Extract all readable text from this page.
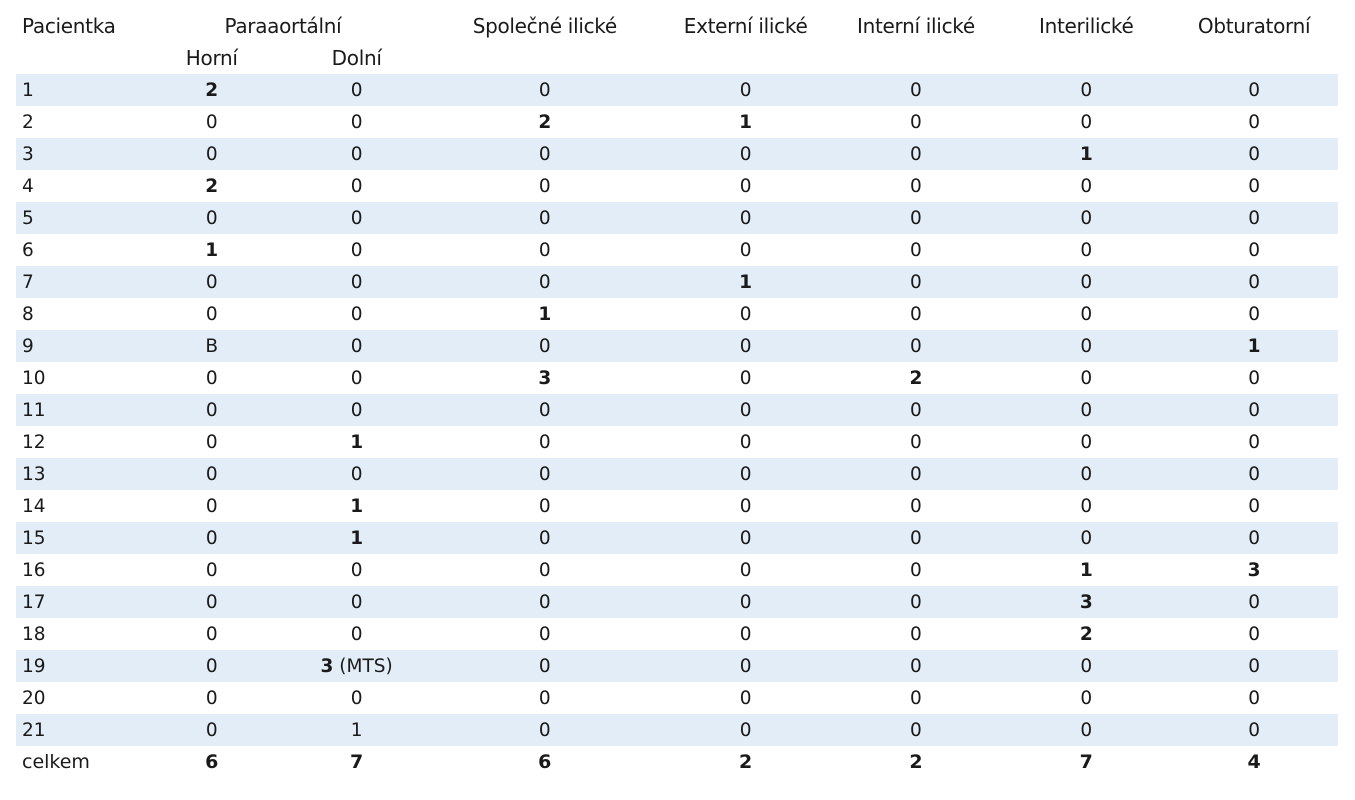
Pacientka	Paraaortální		Společné ilické	Externí ilické	Interní ilické	Interilické	Obturatorní
	Horní	Dolní					
1	2	0	0	0	0	0	0
2	0	0	2	1	0	0	0
3	0	0	0	0	0	1	0
4	2	0	0	0	0	0	0
5	0	0	0	0	0	0	0
6	1	0	0	0	0	0	0
7	0	0	0	1	0	0	0
8	0	0	1	0	0	0	0
9	B	0	0	0	0	0	1
10	0	0	3	0	2	0	0
11	0	0	0	0	0	0	0
12	0	1	0	0	0	0	0
13	0	0	0	0	0	0	0
14	0	1	0	0	0	0	0
15	0	1	0	0	0	0	0
16	0	0	0	0	0	1	3
17	0	0	0	0	0	3	0
18	0	0	0	0	0	2	0
19	0	3 (MTS)	0	0	0	0	0
20	0	0	0	0	0	0	0
21	0	1	0	0	0	0	0
celkem	6	7	6	2	2	7	4
